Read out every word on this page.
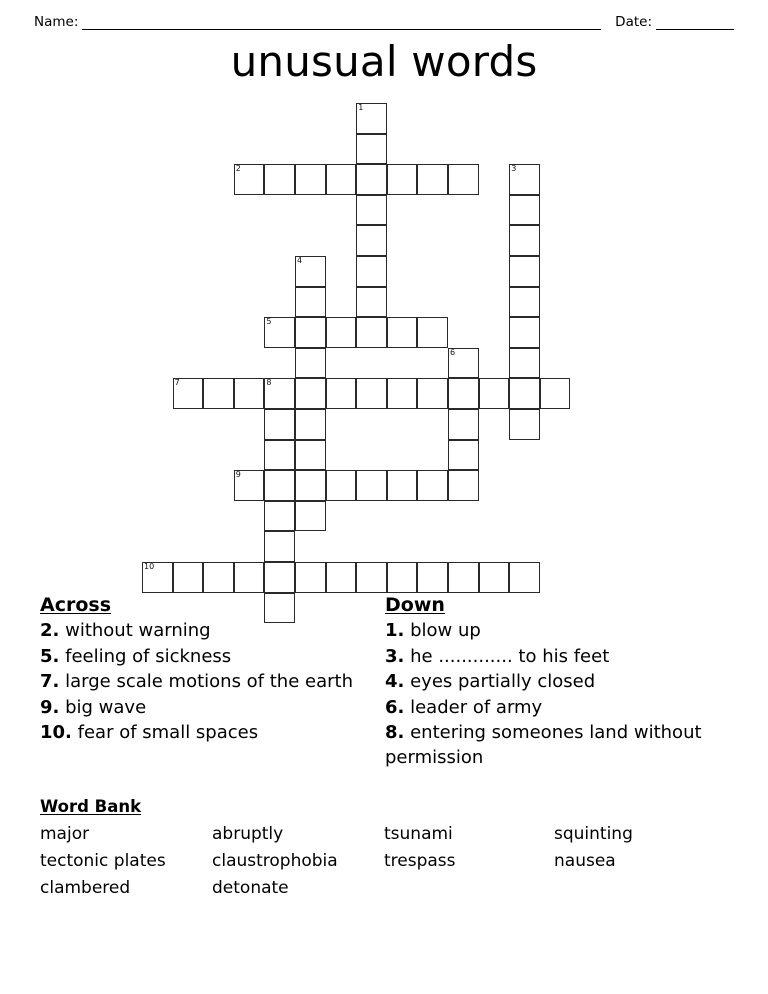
Name:	Date:
unusual words
1
2	3
4
5
6
7	8
9
10
Across
2. without warning
5. feeling of sickness
7. large scale motions of the earth
9. big wave
10. fear of small spaces
Down
1. blow up
3. he ............. to his feet
4. eyes partially closed
6. leader of army
8. entering someones land without permission
Word Bank
major	abruptly	tsunami	squinting
tectonic plates	claustrophobia	trespass	nausea
clambered	detonate
